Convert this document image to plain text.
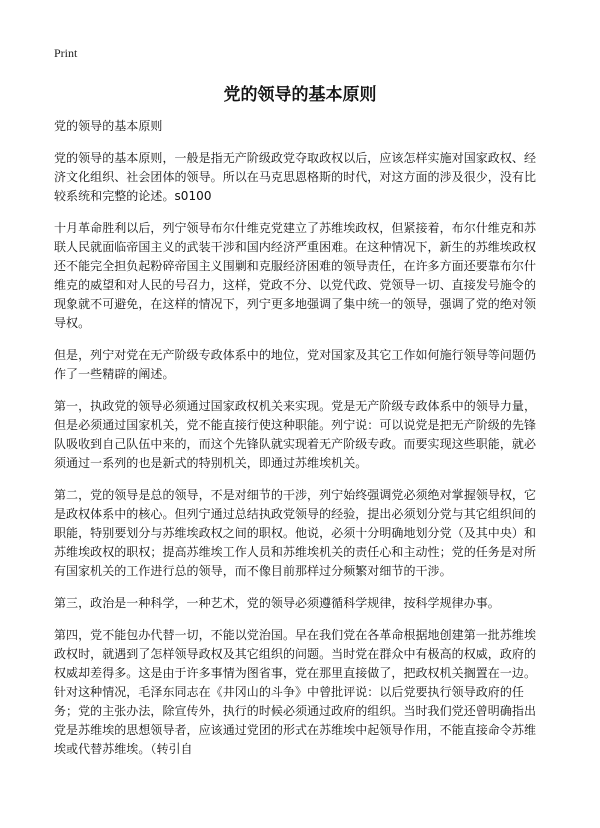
Print
党的领导的基本原则

党的领导的基本原则

党的领导的基本原则，一般是指无产阶级政党夺取政权以后，应该怎样实施对国家政权、经济文化组织、社会团体的领导。所以在马克思恩格斯的时代，对这方面的涉及很少，没有比较系统和完整的论述。s0100

十月革命胜利以后，列宁领导布尔什维克党建立了苏维埃政权，但紧接着，布尔什维克和苏联人民就面临帝国主义的武装干涉和国内经济严重困难。在这种情况下，新生的苏维埃政权还不能完全担负起粉碎帝国主义围剿和克服经济困难的领导责任，在许多方面还要靠布尔什维克的威望和对人民的号召力，这样，党政不分、以党代政、党领导一切、直接发号施令的现象就不可避免，在这样的情况下，列宁更多地强调了集中统一的领导，强调了党的绝对领导权。

但是，列宁对党在无产阶级专政体系中的地位，党对国家及其它工作如何施行领导等问题仍作了一些精辟的阐述。

第一，执政党的领导必须通过国家政权机关来实现。党是无产阶级专政体系中的领导力量，但是必须通过国家机关，党不能直接行使这种职能。列宁说：可以说党是把无产阶级的先锋队吸收到自己队伍中来的，而这个先锋队就实现着无产阶级专政。而要实现这些职能，就必须通过一系列的也是新式的特别机关，即通过苏维埃机关。

第二，党的领导是总的领导，不是对细节的干涉，列宁始终强调党必须绝对掌握领导权，它是政权体系中的核心。但列宁通过总结执政党领导的经验，提出必须划分党与其它组织间的职能，特别要划分与苏维埃政权之间的职权。他说，必须十分明确地划分党（及其中央）和苏维埃政权的职权；提高苏维埃工作人员和苏维埃机关的责任心和主动性；党的任务是对所有国家机关的工作进行总的领导，而不像目前那样过分频繁对细节的干涉。

第三，政治是一种科学，一种艺术，党的领导必须遵循科学规律，按科学规律办事。

第四，党不能包办代替一切，不能以党治国。早在我们党在各革命根据地创建第一批苏维埃政权时，就遇到了怎样领导政权及其它组织的问题。当时党在群众中有极高的权威，政府的权威却差得多。这是由于许多事情为图省事，党在那里直接做了，把政权机关搁置在一边。针对这种情况，毛泽东同志在《井冈山的斗争》中曾批评说：以后党要执行领导政府的任务；党的主张办法，除宣传外，执行的时候必须通过政府的组织。当时我们党还曾明确指出党是苏维埃的思想领导者，应该通过党团的形式在苏维埃中起领导作用，不能直接命令苏维埃或代替苏维埃。（转引自
